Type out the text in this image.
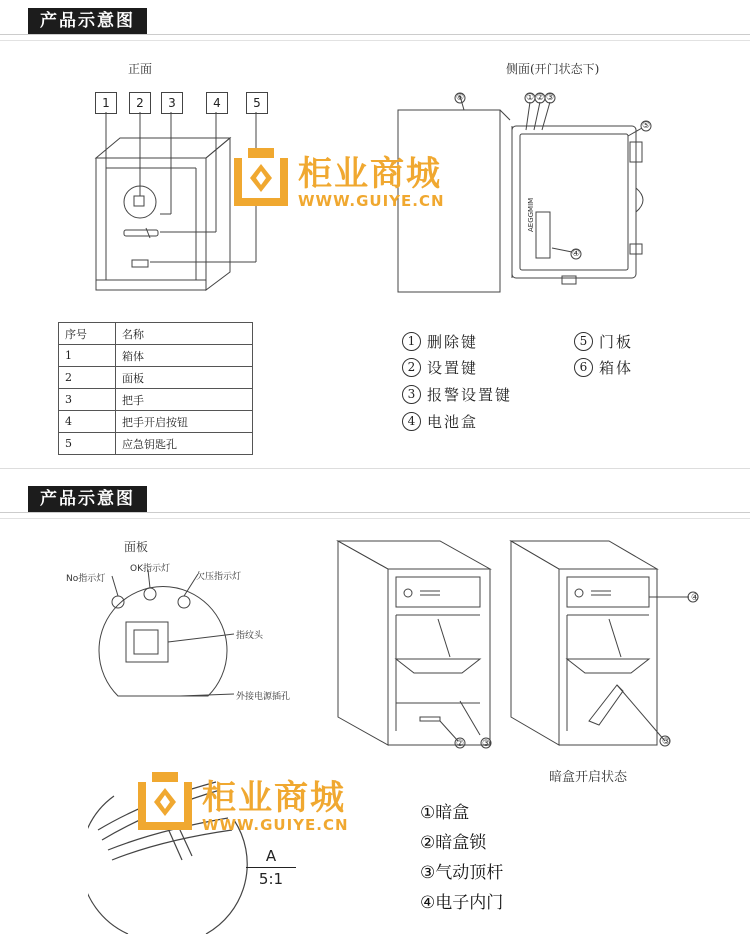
产品示意图
正面
1	2	3	4	5
侧面(开门状态下)
⑥	① ② ③
⑤
④
AEGGMIM
序号	名称
1	箱体
2	面板
3	把手
4	把手开启按钮
5	应急钥匙孔
1 删除键
2 设置键
3 报警设置键
4 电池盒
5 门板
6 箱体
柜业商城
WWW.GUIYE.CN
产品示意图
面板
No指示灯
OK指示灯
欠压指示灯
指纹头
外接电源插孔
② ③
④
③
暗盒开启状态
柜业商城
WWW.GUIYE.CN
A
5:1
①暗盒
②暗盒锁
③气动顶杆
④电子内门
